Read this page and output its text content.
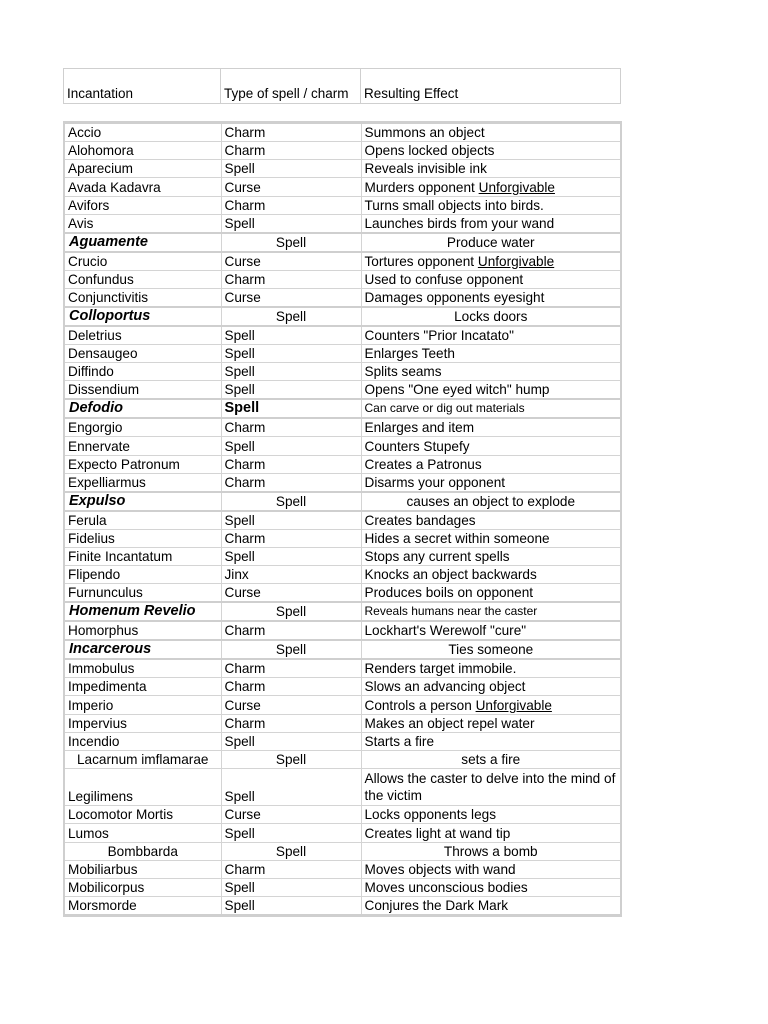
Incantation	Type of spell / charm	Resulting Effect
Accio	Charm	Summons an object
Alohomora	Charm	Opens locked objects
Aparecium	Spell	Reveals invisible ink
Avada Kadavra	Curse	Murders opponent Unforgivable
Avifors	Charm	Turns small objects into birds.
Avis	Spell	Launches birds from your wand
Aguamente	Spell	Produce water
Crucio	Curse	Tortures opponent Unforgivable
Confundus	Charm	Used to confuse opponent
Conjunctivitis	Curse	Damages opponents eyesight
Colloportus	Spell	Locks doors
Deletrius	Spell	Counters "Prior Incatato"
Densaugeo	Spell	Enlarges Teeth
Diffindo	Spell	Splits seams
Dissendium	Spell	Opens "One eyed witch" hump
Defodio	Spell	Can carve or dig out materials
Engorgio	Charm	Enlarges and item
Ennervate	Spell	Counters Stupefy
Expecto Patronum	Charm	Creates a Patronus
Expelliarmus	Charm	Disarms your opponent
Expulso	Spell	causes an object to explode
Ferula	Spell	Creates bandages
Fidelius	Charm	Hides a secret within someone
Finite Incantatum	Spell	Stops any current spells
Flipendo	Jinx	Knocks an object backwards
Furnunculus	Curse	Produces boils on opponent
Homenum Revelio	Spell	Reveals humans near the caster
Homorphus	Charm	Lockhart's Werewolf "cure"
Incarcerous	Spell	Ties someone
Immobulus	Charm	Renders target immobile.
Impedimenta	Charm	Slows an advancing object
Imperio	Curse	Controls a person Unforgivable
Impervius	Charm	Makes an object repel water
Incendio	Spell	Starts a fire
Lacarnum imflamarae	Spell	sets a fire
Legilimens	Spell	Allows the caster to delve into the mind of the victim
Locomotor Mortis	Curse	Locks opponents legs
Lumos	Spell	Creates light at wand tip
Bombbarda	Spell	Throws a bomb
Mobiliarbus	Charm	Moves objects with wand
Mobilicorpus	Spell	Moves unconscious bodies
Morsmorde	Spell	Conjures the Dark Mark
